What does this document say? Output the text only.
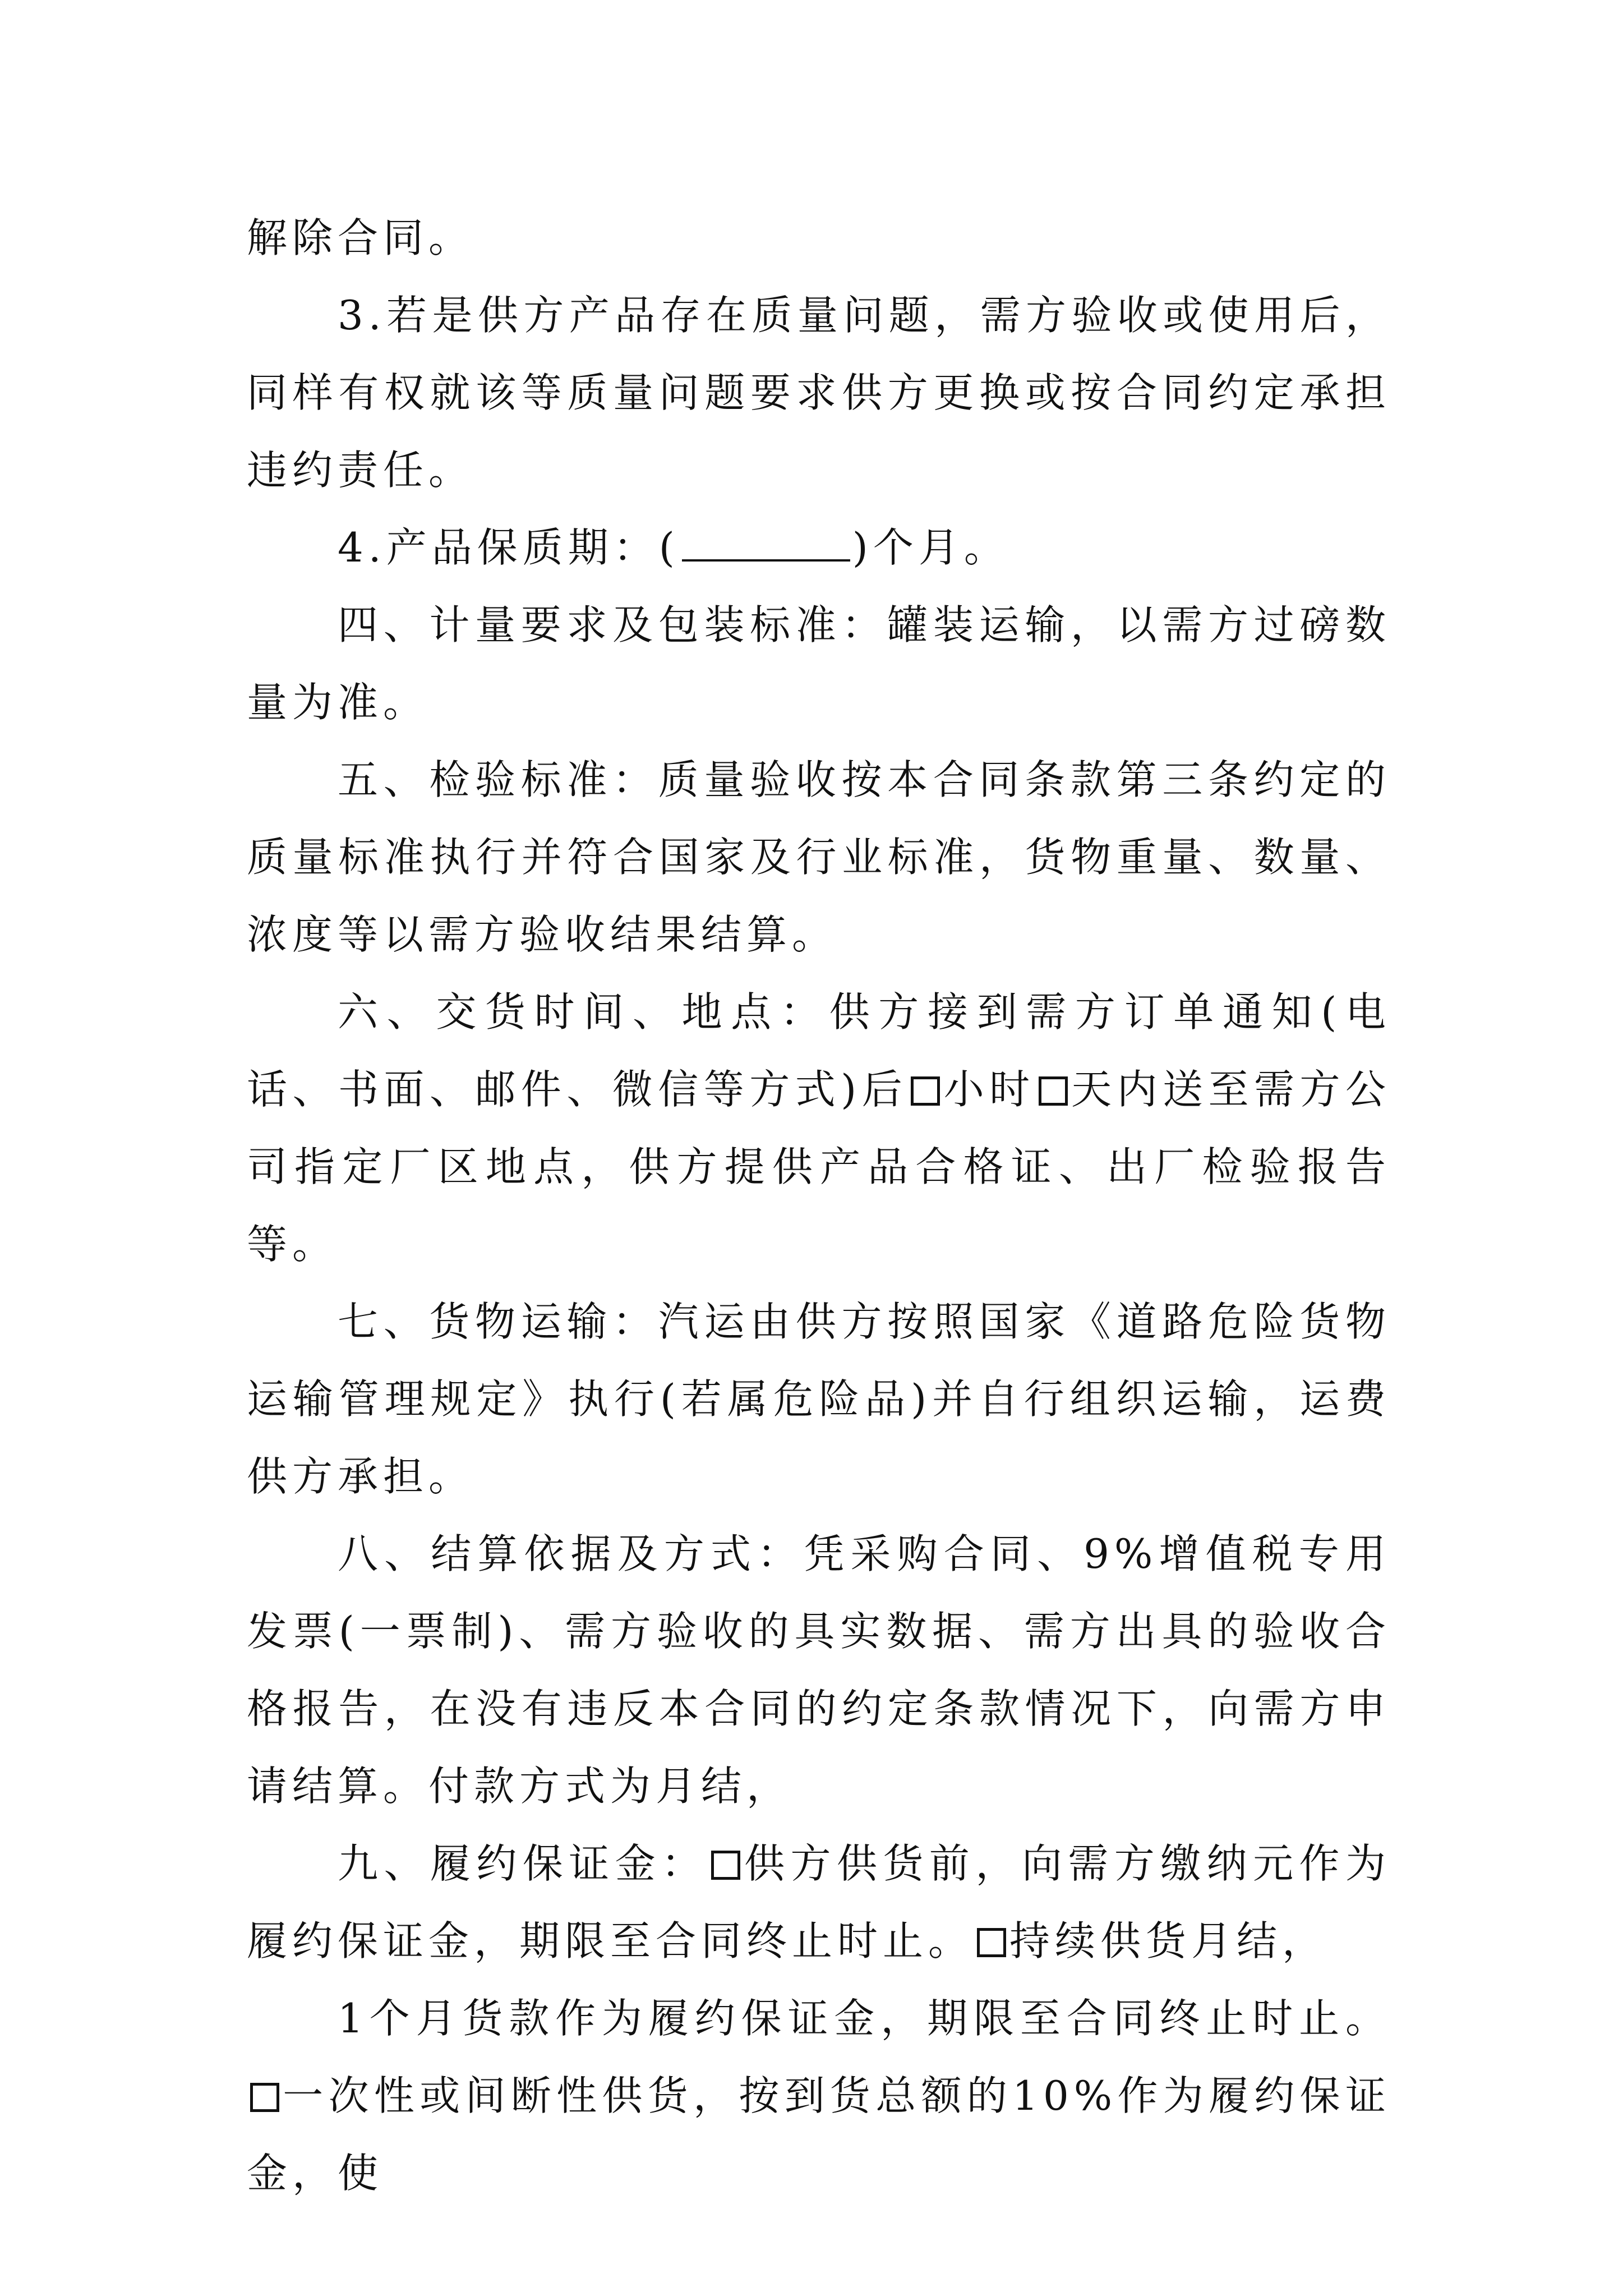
解除合同。

3.若是供方产品存在质量问题，需方验收或使用后，同样有权就该等质量问题要求供方更换或按合同约定承担违约责任。

4.产品保质期：(	)个月。

四、计量要求及包装标准：罐装运输，以需方过磅数量为准。

五、检验标准：质量验收按本合同条款第三条约定的质量标准执行并符合国家及行业标准，货物重量、数量、浓度等以需方验收结果结算。

六、交货时间、地点：供方接到需方订单通知(电话、书面、邮件、微信等方式)后 小时 天内送至需方公司指定厂区地点，供方提供产品合格证、出厂检验报告等。

七、货物运输：汽运由供方按照国家《道路危险货物运输管理规定》执行(若属危险品)并自行组织运输，运费供方承担。

八、结算依据及方式：凭采购合同、9%增值税专用发票(一票制)、需方验收的具实数据、需方出具的验收合格报告，在没有违反本合同的约定条款情况下，向需方申请结算。付款方式为月结，

九、履约保证金： 供方供货前，向需方缴纳元作为履约保证金，期限至合同终止时止。 持续供货月结，

1个月货款作为履约保证金，期限至合同终止时止。一次性或间断性供货，按到货总额的10%作为履约保证金，使
